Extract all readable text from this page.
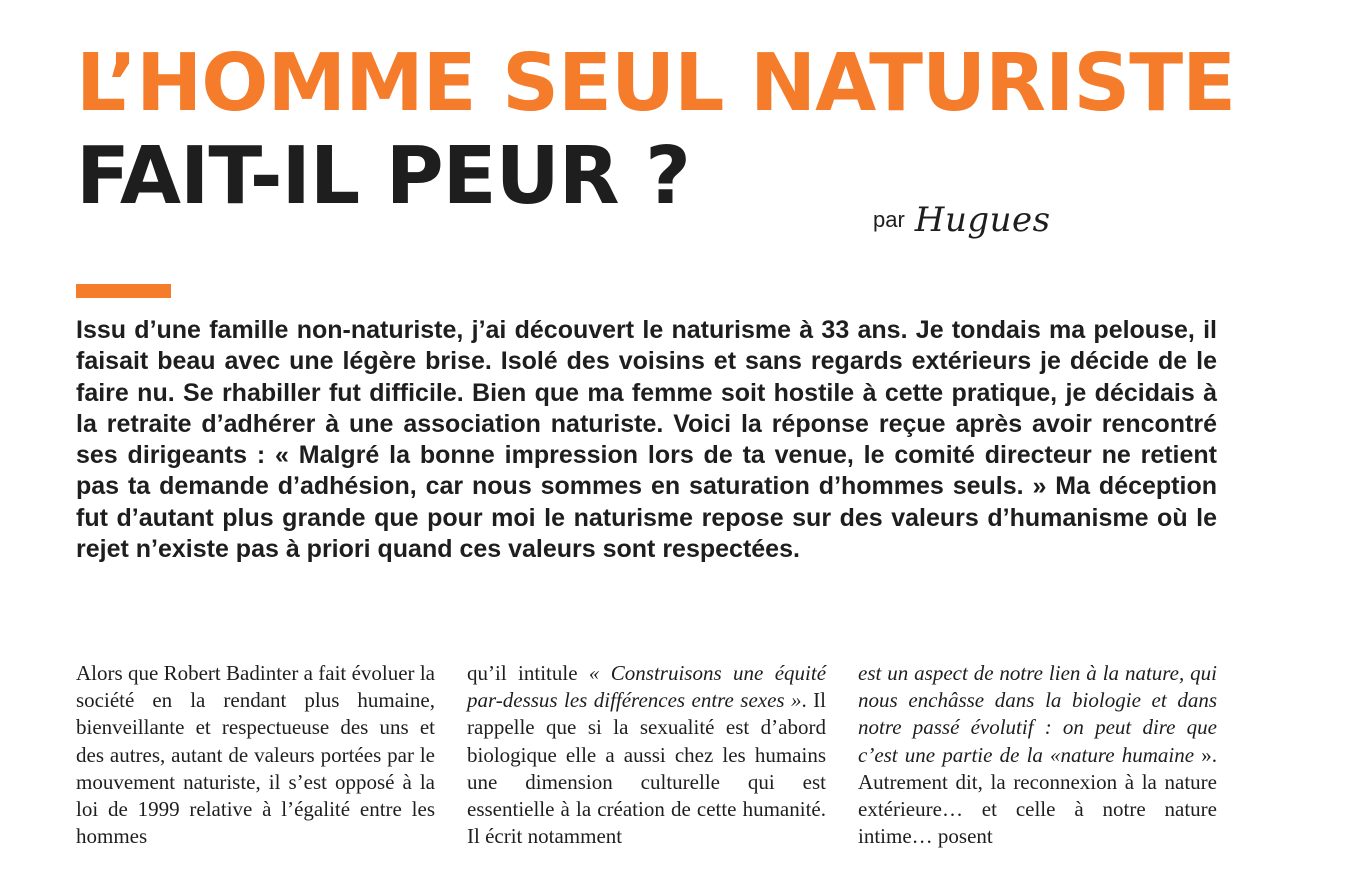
L’HOMME SEUL NATURISTE
FAIT-IL PEUR ?	par Hugues

Issu d’une famille non-naturiste, j’ai découvert le naturisme à 33 ans. Je tondais ma pelouse, il faisait beau avec une légère brise. Isolé des voisins et sans regards extérieurs je décide de le faire nu. Se rhabiller fut difficile. Bien que ma femme soit hostile à cette pratique, je décidais à la retraite d’adhérer à une association naturiste. Voici la réponse reçue après avoir rencontré ses dirigeants : « Malgré la bonne impression lors de ta venue, le comité directeur ne retient pas ta demande d’adhésion, car nous sommes en saturation d’hommes seuls. » Ma déception fut d’autant plus grande que pour moi le naturisme repose sur des valeurs d’humanisme où le rejet n’existe pas à priori quand ces valeurs sont respectées.

Alors que Robert Badinter a fait évoluer la société en la rendant plus humaine, bienveillante et respectueuse des uns et des autres, autant de valeurs portées par le mouvement naturiste, il s’est opposé à la loi de 1999 relative à l’égalité entre les hommes

qu’il intitule « Construisons une équité par-dessus les différences entre sexes ». Il rappelle que si la sexualité est d’abord biologique elle a aussi chez les humains une dimension culturelle qui est essentielle à la création de cette humanité. Il écrit notamment

est un aspect de notre lien à la nature, qui nous enchâsse dans la biologie et dans notre passé évolutif : on peut dire que c’est une partie de la «nature humaine ». Autrement dit, la reconnexion à la nature extérieure… et celle à notre nature intime… posent
